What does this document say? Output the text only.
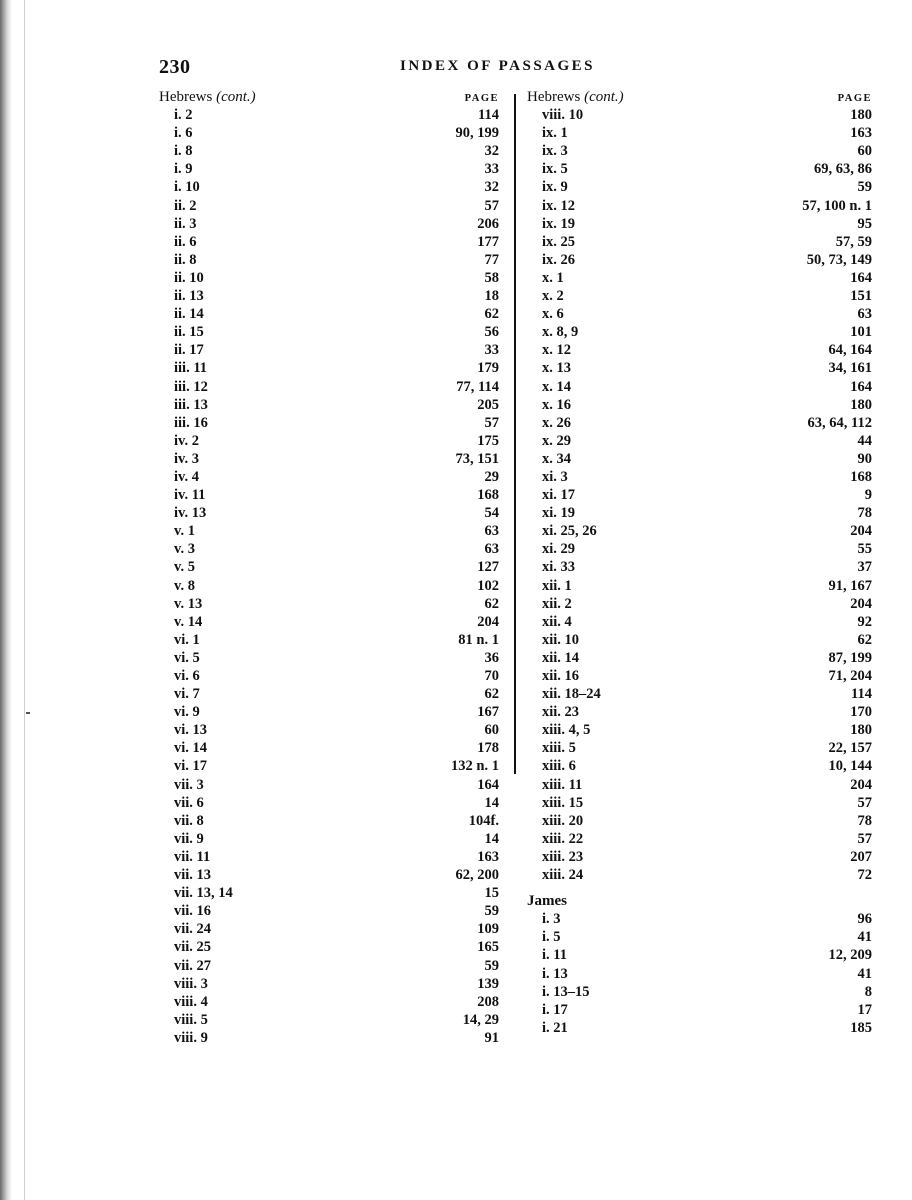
230	INDEX OF PASSAGES
Hebrews (cont.)	PAGE
i. 2	114
i. 6	90, 199
i. 8	32
i. 9	33
i. 10	32
ii. 2	57
ii. 3	206
ii. 6	177
ii. 8	77
ii. 10	58
ii. 13	18
ii. 14	62
ii. 15	56
ii. 17	33
iii. 11	179
iii. 12	77, 114
iii. 13	205
iii. 16	57
iv. 2	175
iv. 3	73, 151
iv. 4	29
iv. 11	168
iv. 13	54
v. 1	63
v. 3	63
v. 5	127
v. 8	102
v. 13	62
v. 14	204
vi. 1	81 n. 1
vi. 5	36
vi. 6	70
vi. 7	62
vi. 9	167
vi. 13	60
vi. 14	178
vi. 17	132 n. 1
vii. 3	164
vii. 6	14
vii. 8	104f.
vii. 9	14
vii. 11	163
vii. 13	62, 200
vii. 13, 14	15
vii. 16	59
vii. 24	109
vii. 25	165
vii. 27	59
viii. 3	139
viii. 4	208
viii. 5	14, 29
viii. 9	91
Hebrews (cont.)	PAGE
viii. 10	180
ix. 1	163
ix. 3	60
ix. 5	69, 63, 86
ix. 9	59
ix. 12	57, 100 n. 1
ix. 19	95
ix. 25	57, 59
ix. 26	50, 73, 149
x. 1	164
x. 2	151
x. 6	63
x. 8, 9	101
x. 12	64, 164
x. 13	34, 161
x. 14	164
x. 16	180
x. 26	63, 64, 112
x. 29	44
x. 34	90
xi. 3	168
xi. 17	9
xi. 19	78
xi. 25, 26	204
xi. 29	55
xi. 33	37
xii. 1	91, 167
xii. 2	204
xii. 4	92
xii. 10	62
xii. 14	87, 199
xii. 16	71, 204
xii. 18–24	114
xii. 23	170
xiii. 4, 5	180
xiii. 5	22, 157
xiii. 6	10, 144
xiii. 11	204
xiii. 15	57
xiii. 20	78
xiii. 22	57
xiii. 23	207
xiii. 24	72
James
i. 3	96
i. 5	41
i. 11	12, 209
i. 13	41
i. 13–15	8
i. 17	17
i. 21	185
